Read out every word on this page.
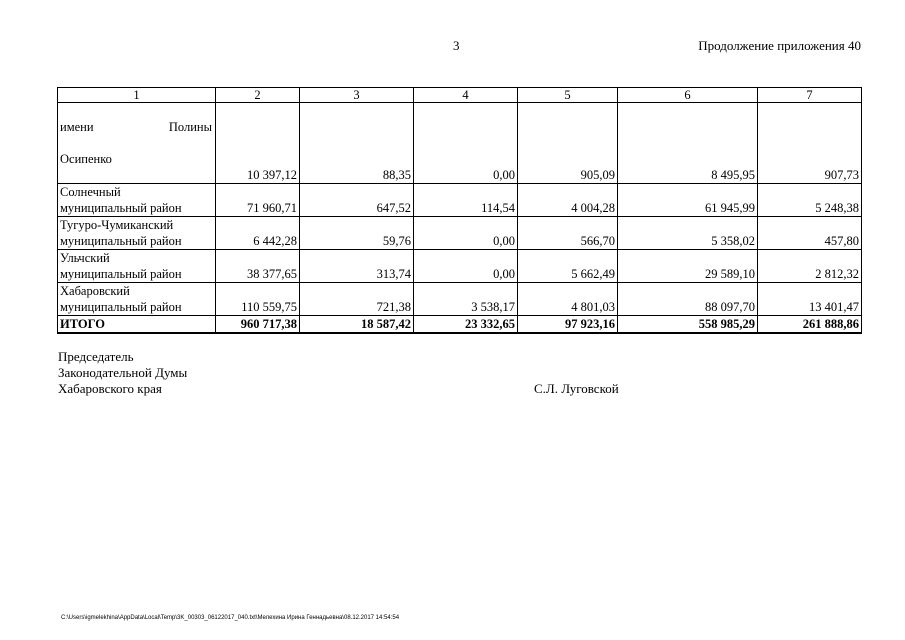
3	Продолжение приложения 40
1	2	3	4	5	6	7

имени Полины

Осипенко	10 397,12	88,35	0,00	905,09	8 495,95	907,73
Солнечный
муниципальный район	71 960,71	647,52	114,54	4 004,28	61 945,99	5 248,38
Тугуро-Чумиканский
муниципальный район	6 442,28	59,76	0,00	566,70	5 358,02	457,80
Ульчский
муниципальный район	38 377,65	313,74	0,00	5 662,49	29 589,10	2 812,32
Хабаровский
муниципальный район	110 559,75	721,38	3 538,17	4 801,03	88 097,70	13 401,47
ИТОГО	960 717,38	18 587,42	23 332,65	97 923,16	558 985,29	261 888,86
Председатель
Законодательной Думы
Хабаровского края	С.Л. Луговской
C:\Users\igmelekhina\AppData\Local\Temp\3K_00303_06122017_040.txt\Мелехина Ирина Геннадьевна\08.12.2017 14:54:54
